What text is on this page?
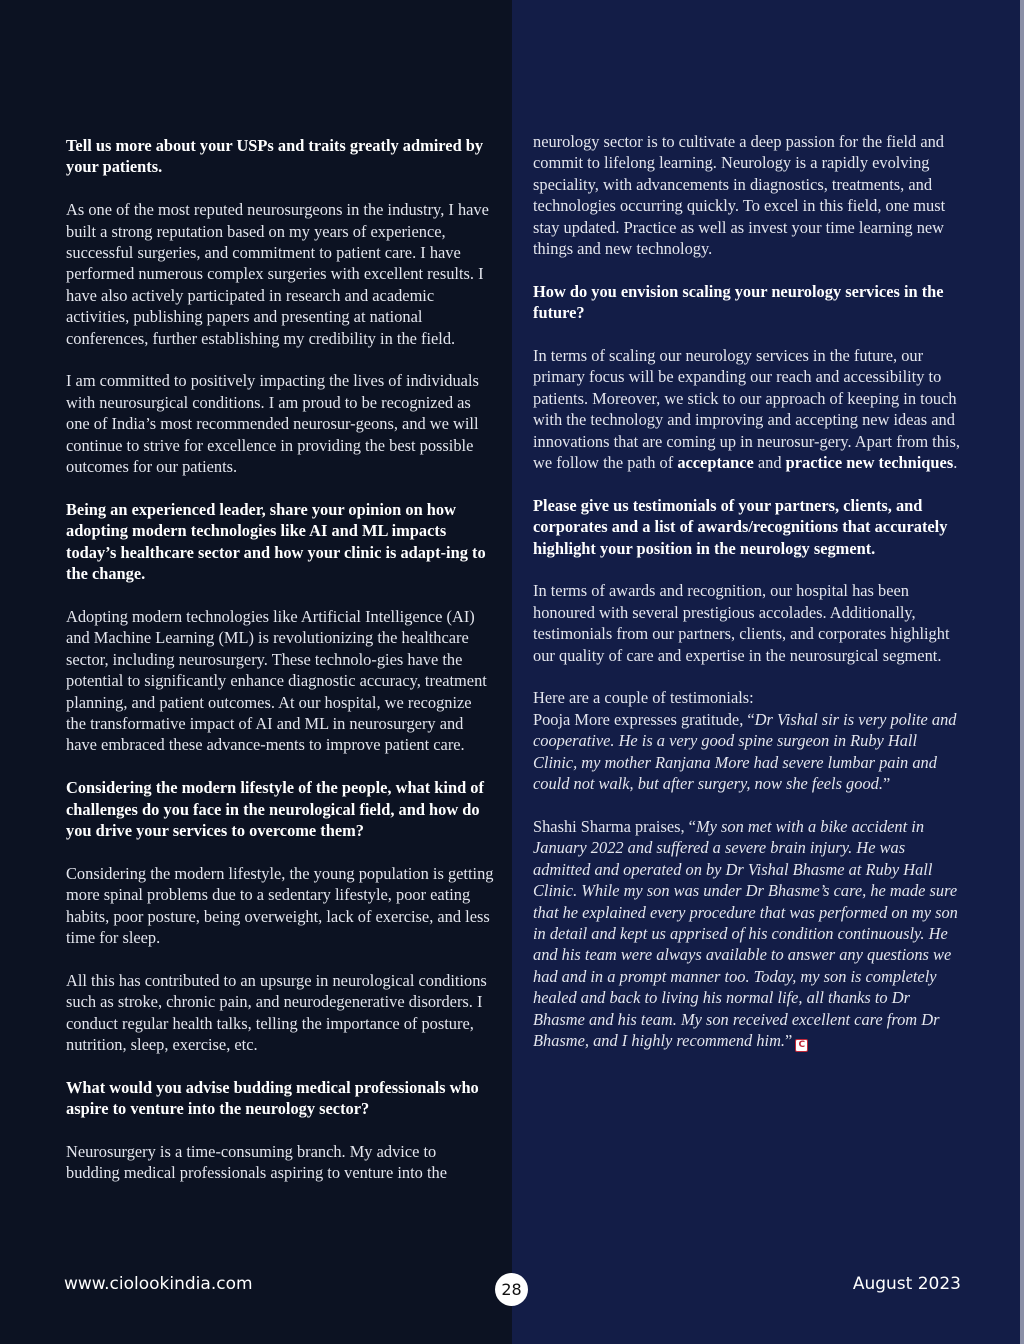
Tell us more about your USPs and traits greatly admired by your patients.

As one of the most reputed neurosurgeons in the industry, I have built a strong reputation based on my years of experience, successful surgeries, and commitment to patient care. I have performed numerous complex surgeries with excellent results. I have also actively participated in research and academic activities, publishing papers and presenting at national conferences, further establishing my credibility in the field.

I am committed to positively impacting the lives of individuals with neurosurgical conditions. I am proud to be recognized as one of India’s most recommended neurosur-geons, and we will continue to strive for excellence in providing the best possible outcomes for our patients.

Being an experienced leader, share your opinion on how adopting modern technologies like AI and ML impacts today’s healthcare sector and how your clinic is adapt-ing to the change.

Adopting modern technologies like Artificial Intelligence (AI) and Machine Learning (ML) is revolutionizing the healthcare sector, including neurosurgery. These technolo-gies have the potential to significantly enhance diagnostic accuracy, treatment planning, and patient outcomes. At our hospital, we recognize the transformative impact of AI and ML in neurosurgery and have embraced these advance-ments to improve patient care.

Considering the modern lifestyle of the people, what kind of challenges do you face in the neurological field, and how do you drive your services to overcome them?

Considering the modern lifestyle, the young population is getting more spinal problems due to a sedentary lifestyle, poor eating habits, poor posture, being overweight, lack of exercise, and less time for sleep.

All this has contributed to an upsurge in neurological conditions such as stroke, chronic pain, and neurodegenerative disorders. I conduct regular health talks, telling the importance of posture, nutrition, sleep, exercise, etc.

What would you advise budding medical professionals who aspire to venture into the neurology sector?

Neurosurgery is a time-consuming branch. My advice to budding medical professionals aspiring to venture into the

neurology sector is to cultivate a deep passion for the field and commit to lifelong learning. Neurology is a rapidly evolving speciality, with advancements in diagnostics, treatments, and technologies occurring quickly. To excel in this field, one must stay updated. Practice as well as invest your time learning new things and new technology.

How do you envision scaling your neurology services in the future?

In terms of scaling our neurology services in the future, our primary focus will be expanding our reach and accessibility to patients. Moreover, we stick to our approach of keeping in touch with the technology and improving and accepting new ideas and innovations that are coming up in neurosur-gery. Apart from this, we follow the path of acceptance and practice new techniques.

Please give us testimonials of your partners, clients, and corporates and a list of awards/recognitions that accurately highlight your position in the neurology segment.

In terms of awards and recognition, our hospital has been honoured with several prestigious accolades. Additionally, testimonials from our partners, clients, and corporates highlight our quality of care and expertise in the neurosurgical segment.

Here are a couple of testimonials:

Pooja More expresses gratitude, “Dr Vishal sir is very polite and cooperative. He is a very good spine surgeon in Ruby Hall Clinic, my mother Ranjana More had severe lumbar pain and could not walk, but after surgery, now she feels good.”

Shashi Sharma praises, “My son met with a bike accident in January 2022 and suffered a severe brain injury. He was admitted and operated on by Dr Vishal Bhasme at Ruby Hall Clinic. While my son was under Dr Bhasme’s care, he made sure that he explained every procedure that was performed on my son in detail and kept us apprised of his condition continuously. He and his team were always available to answer any questions we had and in a prompt manner too. Today, my son is completely healed and back to living his normal life, all thanks to Dr Bhasme and his team. My son received excellent care from Dr Bhasme, and I highly recommend him.” C

www.ciolookindia.com	28	August 2023
